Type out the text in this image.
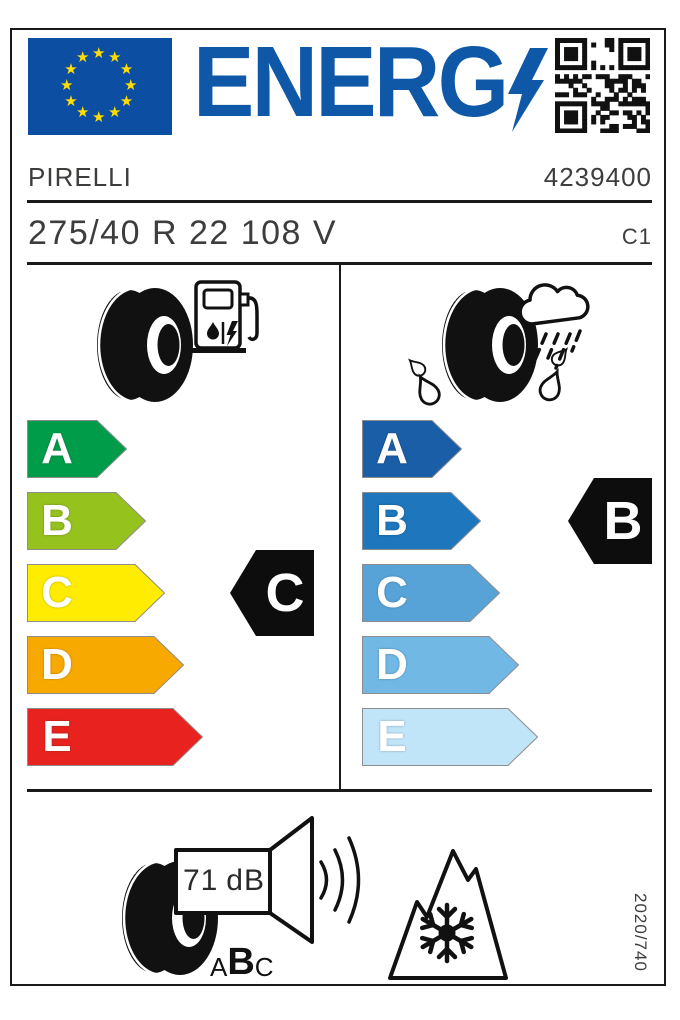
★ ★
★
★
★
★
★
★
★
★
★
★ ENERG
PIRELLI	4239400
275/40 R 22 108 V	C1
A
B
C
D
E
A
B
C
D
E
C
B
71 dB
A B C	2020/740
